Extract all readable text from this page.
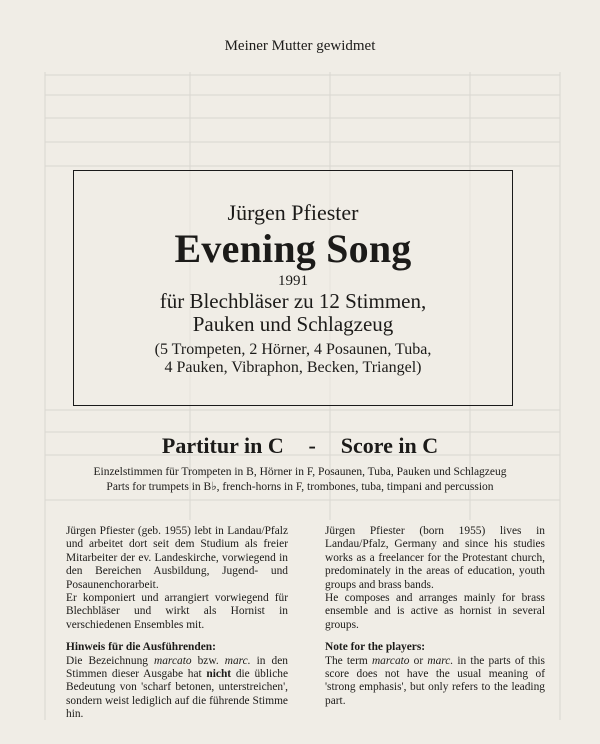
Meiner Mutter gewidmet
Jürgen Pfiester
Evening Song
1991
für Blechbläser zu 12 Stimmen,
Pauken und Schlagzeug
(5 Trompeten, 2 Hörner, 4 Posaunen, Tuba,
4 Pauken, Vibraphon, Becken, Triangel)
Partitur in C - Score in C
Einzelstimmen für Trompeten in B, Hörner in F, Posaunen, Tuba, Pauken und Schlagzeug
Parts for trumpets in B♭, french-horns in F, trombones, tuba, timpani and percussion

Jürgen Pfiester (geb. 1955) lebt in Landau/Pfalz und arbeitet dort seit dem Studium als freier Mitarbeiter der ev. Landeskirche, vorwiegend in den Bereichen Ausbildung, Jugend- und Posaunenchorarbeit.

Er komponiert und arrangiert vorwiegend für Blechbläser und wirkt als Hornist in verschiedenen Ensembles mit.

Hinweis für die Ausführenden:

Die Bezeichnung marcato bzw. marc. in den Stimmen dieser Ausgabe hat nicht die übliche Bedeutung von 'scharf betonen, unterstreichen', sondern weist lediglich auf die führende Stimme hin.

Jürgen Pfiester (born 1955) lives in Landau/Pfalz, Germany and since his studies works as a freelancer for the Protestant church, predominately in the areas of education, youth groups and brass bands.

He composes and arranges mainly for brass ensemble and is active as hornist in several groups.

Note for the players:

The term marcato or marc. in the parts of this score does not have the usual meaning of 'strong emphasis', but only refers to the leading part.
